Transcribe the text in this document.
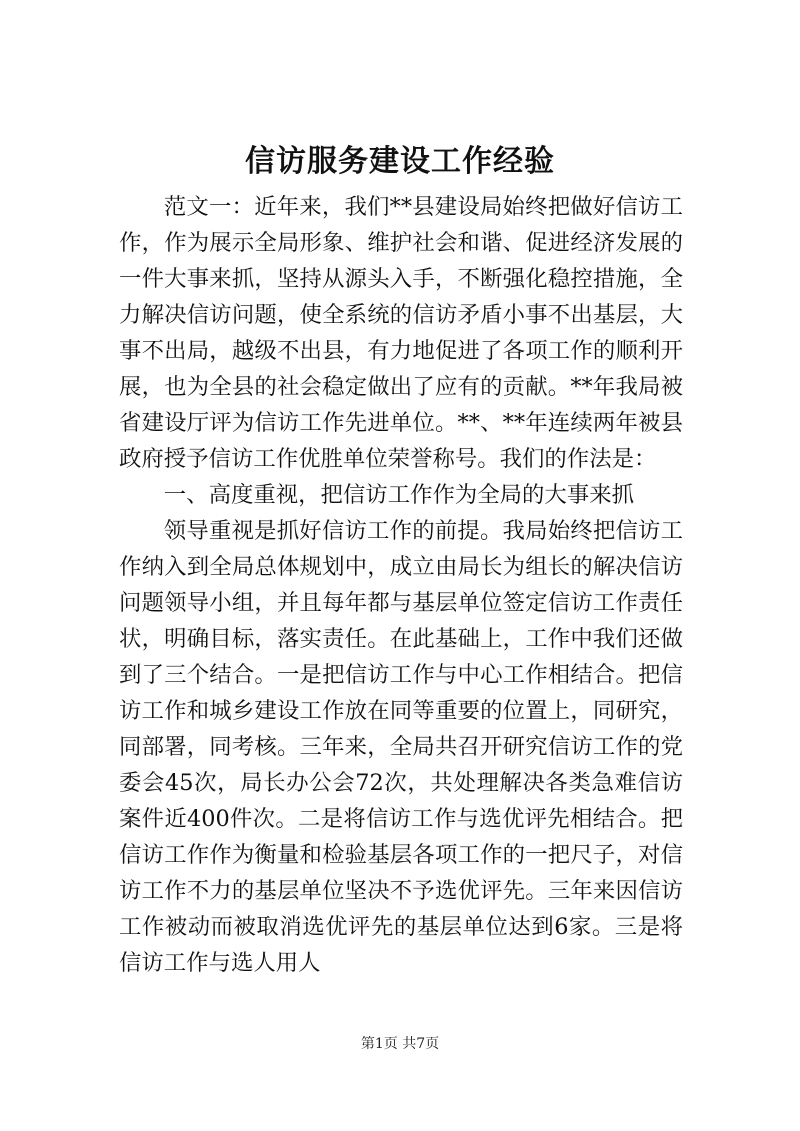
信访服务建设工作经验

范文一：近年来，我们**县建设局始终把做好信访工作，作为展示全局形象、维护社会和谐、促进经济发展的一件大事来抓，坚持从源头入手，不断强化稳控措施，全力解决信访问题，使全系统的信访矛盾小事不出基层，大事不出局，越级不出县，有力地促进了各项工作的顺利开展，也为全县的社会稳定做出了应有的贡献。**年我局被省建设厅评为信访工作先进单位。**、**年连续两年被县政府授予信访工作优胜单位荣誉称号。我们的作法是：

一、高度重视，把信访工作作为全局的大事来抓

领导重视是抓好信访工作的前提。我局始终把信访工作纳入到全局总体规划中，成立由局长为组长的解决信访问题领导小组，并且每年都与基层单位签定信访工作责任状，明确目标，落实责任。在此基础上，工作中我们还做到了三个结合。一是把信访工作与中心工作相结合。把信访工作和城乡建设工作放在同等重要的位置上，同研究，同部署，同考核。三年来，全局共召开研究信访工作的党委会45次，局长办公会72次，共处理解决各类急难信访案件近400件次。二是将信访工作与选优评先相结合。把信访工作作为衡量和检验基层各项工作的一把尺子，对信访工作不力的基层单位坚决不予选优评先。三年来因信访工作被动而被取消选优评先的基层单位达到6家。三是将信访工作与选人用人

第1页 共7页
